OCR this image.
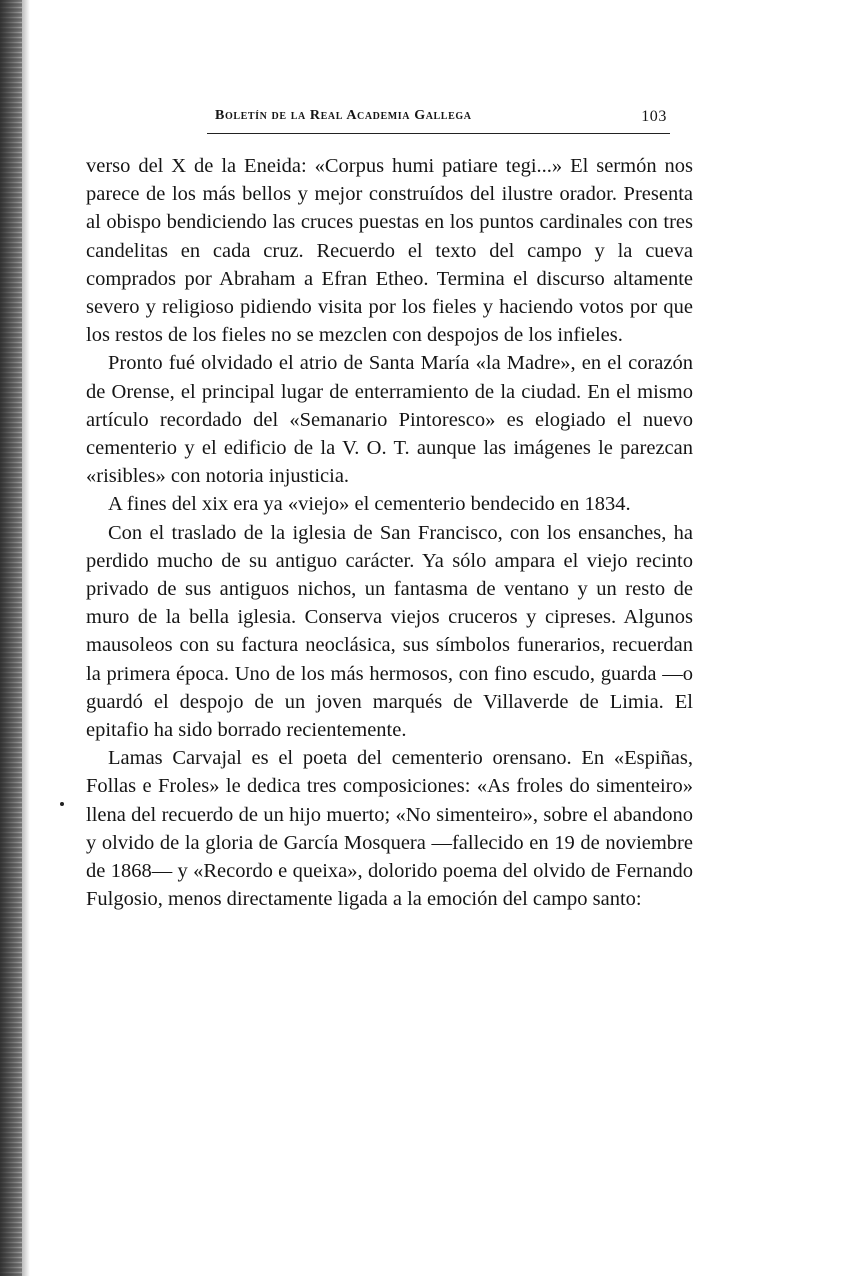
Boletín de la Real Academia Gallega	103

verso del X de la Eneida: «Corpus humi patiare tegi...» El sermón nos parece de los más bellos y mejor construídos del ilustre orador. Presenta al obispo bendiciendo las cruces puestas en los puntos cardinales con tres candelitas en cada cruz. Recuerdo el texto del campo y la cueva comprados por Abraham a Efran Etheo. Termina el discurso altamente severo y religioso pidiendo visita por los fieles y haciendo votos por que los restos de los fieles no se mezclen con despojos de los infieles.

Pronto fué olvidado el atrio de Santa María «la Madre», en el corazón de Orense, el principal lugar de enterramiento de la ciudad. En el mismo artículo recordado del «Semanario Pintoresco» es elogiado el nuevo cementerio y el edificio de la V. O. T. aunque las imágenes le parezcan «risibles» con notoria injusticia.

A fines del xix era ya «viejo» el cementerio bendecido en 1834.

Con el traslado de la iglesia de San Francisco, con los ensanches, ha perdido mucho de su antiguo carácter. Ya sólo ampara el viejo recinto privado de sus antiguos nichos, un fantasma de ventano y un resto de muro de la bella iglesia. Conserva viejos cruceros y cipreses. Algunos mausoleos con su factura neoclásica, sus símbolos funerarios, recuerdan la primera época. Uno de los más hermosos, con fino escudo, guarda —o guardó el despojo de un joven marqués de Villaverde de Limia. El epitafio ha sido borrado recientemente.

Lamas Carvajal es el poeta del cementerio orensano. En «Espiñas, Follas e Froles» le dedica tres composiciones: «As froles do simenteiro» llena del recuerdo de un hijo muerto; «No simenteiro», sobre el abandono y olvido de la gloria de García Mosquera —fallecido en 19 de noviembre de 1868— y «Recordo e queixa», dolorido poema del olvido de Fernando Fulgosio, menos directamente ligada a la emoción del campo santo:
